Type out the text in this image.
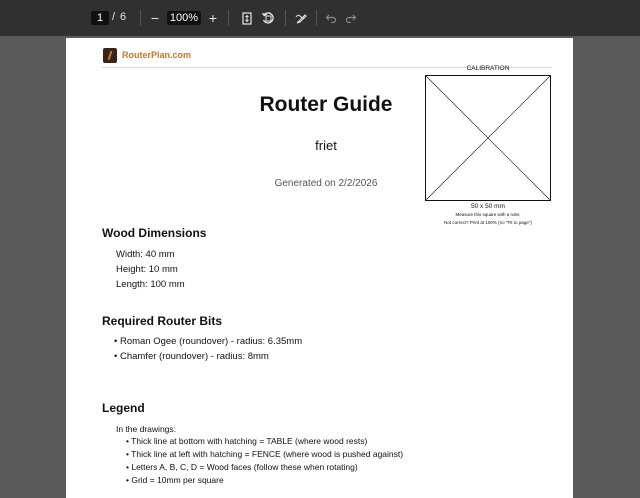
1 / 6 − 100% +
RouterPlan.com
CALIBRATION
50 x 50 mm
Measure this square with a ruler.
Not correct? Print at 100% (no "Fit to page")
Router Guide
friet
Generated on 2/2/2026
Wood Dimensions
Width: 40 mm
Height: 10 mm
Length: 100 mm
Required Router Bits
• Roman Ogee (roundover) - radius: 6.35mm
• Chamfer (roundover) - radius: 8mm
Legend
In the drawings:
• Thick line at bottom with hatching = TABLE (where wood rests)
• Thick line at left with hatching = FENCE (where wood is pushed against)
• Letters A, B, C, D = Wood faces (follow these when rotating)
• Grid = 10mm per square
